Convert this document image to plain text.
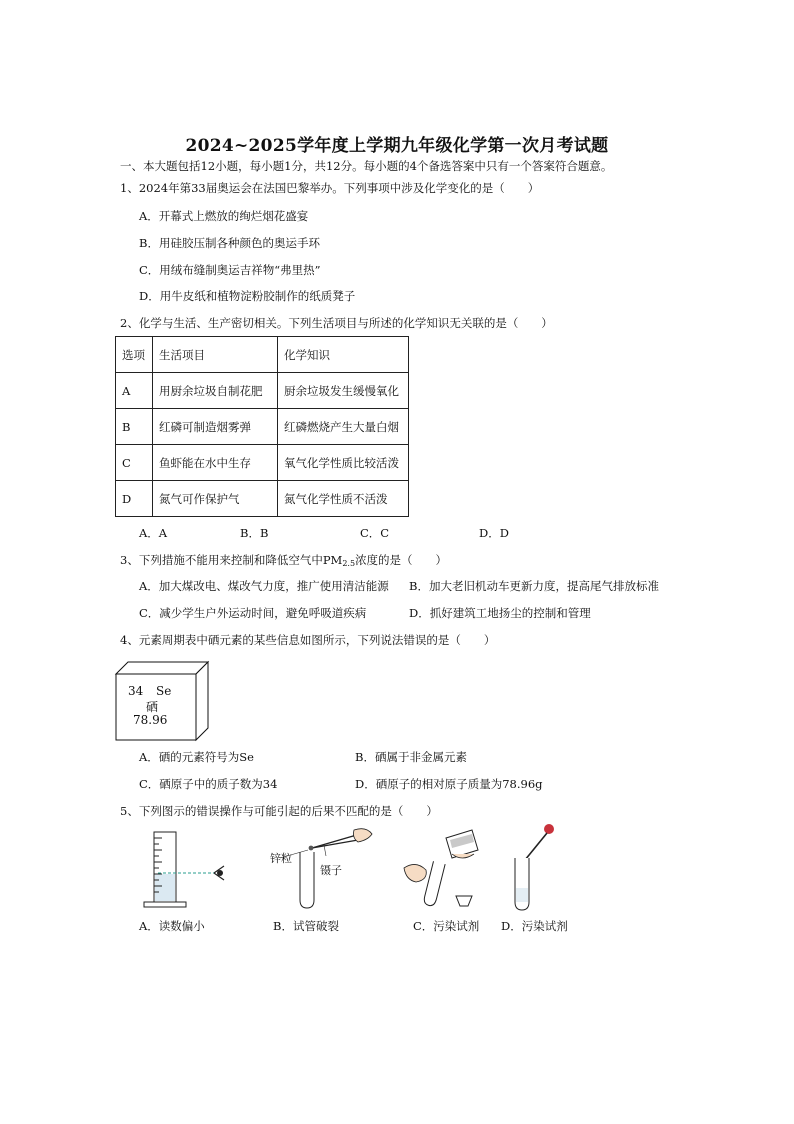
2024~2025学年度上学期九年级化学第一次月考试题
一、本大题包括12小题，每小题1分，共12分。每小题的4个备选答案中只有一个答案符合题意。
1、2024年第33届奥运会在法国巴黎举办。下列事项中涉及化学变化的是（　　）
A．开幕式上燃放的绚烂烟花盛宴
B．用硅胶压制各种颜色的奥运手环
C．用绒布缝制奥运吉祥物“弗里热”
D．用牛皮纸和植物淀粉胶制作的纸质凳子
2、化学与生活、生产密切相关。下列生活项目与所述的化学知识无关联的是（　　）
选项	生活项目	化学知识
A	用厨余垃圾自制花肥	厨余垃圾发生缓慢氧化
B	红磷可制造烟雾弹	红磷燃烧产生大量白烟
C	鱼虾能在水中生存	氧气化学性质比较活泼
D	氮气可作保护气	氮气化学性质不活泼
A．A	B．B	C．C	D．D
3、下列措施不能用来控制和降低空气中$PM_{2.5}$浓度的是（　　）
A．加大煤改电、煤改气力度，推广使用清洁能源 B．加大老旧机动车更新力度，提高尾气排放标准
C．减少学生户外运动时间，避免呼吸道疾病	D．抓好建筑工地扬尘的控制和管理
4、元素周期表中硒元素的某些信息如图所示，下列说法错误的是（　　）
34 Se
硒
78.96
A．硒的元素符号为Se	B．硒属于非金属元素
C．硒原子中的质子数为34	D．硒原子的相对原子质量为78.96g
5、下列图示的错误操作与可能引起的后果不匹配的是（　　）
锌粒
镊子
A．读数偏小	B．试管破裂	C．污染试剂 D．污染试剂
